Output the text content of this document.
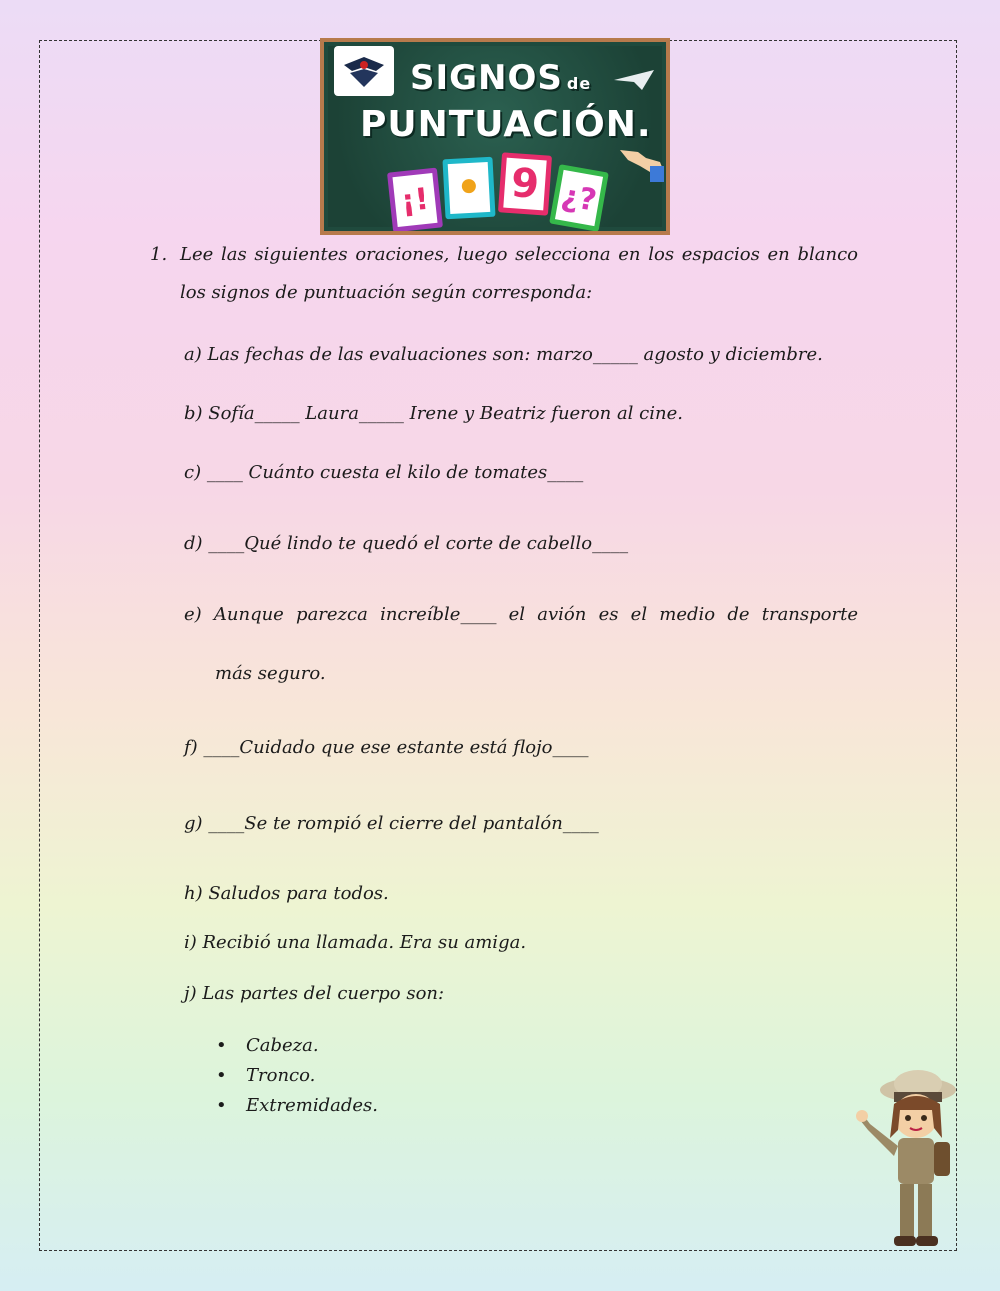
SIGNOS de
PUNTUACIÓN.
¡! • 9 ¿?
1. Lee las siguientes oraciones, luego selecciona en los espacios en blanco
los signos de puntuación según corresponda:
a) Las fechas de las evaluaciones son: marzo_____ agosto y diciembre.
b) Sofía_____ Laura_____ Irene y Beatriz fueron al cine.
c) ____ Cuánto cuesta el kilo de tomates____
d) ____Qué lindo te quedó el corte de cabello____
e) Aunque parezca increíble____ el avión es el medio de transporte
más seguro.
f) ____Cuidado que ese estante está flojo____
g) ____Se te rompió el cierre del pantalón____
h) Saludos para todos.
i) Recibió una llamada. Era su amiga.
j) Las partes del cuerpo son:
• Cabeza.
• Tronco.
• Extremidades.
